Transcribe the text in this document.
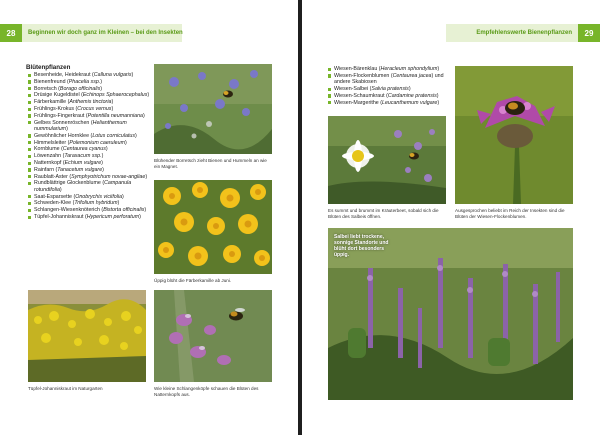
28	Beginnen wir doch ganz im Kleinen – bei den Insekten
Blütenpflanzen
Besenheide, Heidekraut (Calluna vulgaris)
Bienenfreund (Phacelia ssp.)
Borretsch (Borago officinalis)
Drüsige Kugeldistel (Echinops Sphaerocephalus)
Färberkamille (Anthemis tinctoria)
Frühlings-Krokus (Crocus vernus)
Frühlings-Fingerkraut (Potentilla neumanniana)
Gelbes Sonnenröschen (Helianthemum nummularium)
Gewöhnlicher Hornklee (Lotus corniculatus)
Himmelsleiter (Polemonium caeruleum)
Kornblume (Centaurea cyanus)
Löwenzahn (Taraxacum ssp.)
Natternkopf (Echium vulgare)
Rainfarn (Tanacetum vulgare)
Raublatt-Aster (Symphyotrichum novae-angliae)
Rundblättrige Glockenblume (Campanula rotundifolia)
Saat-Esparsette (Onobrychis viciifolia)
Schweden-Klee (Trifolium hybridum)
Schlangen-Wiesenknöterich (Bistorta officinalis)
Tüpfel-Johanniskraut (Hypericum perforatum)
Blühender Borretsch zieht Bienen und Hummeln an wie ein Magnet.
Üppig blüht die Färberkamille ab Juni.
Tüpfel-Johanniskraut im Naturgarten	Wie kleine Schlangenköpfe schauen die Blüten des Natternkopfs aus.
Empfehlenswerte Bienenpflanzen	29
Wiesen-Bärenklau (Heracleum sphondylium)
Wiesen-Flockenblumen (Centaurea jacea) und andere Skabiosen
Wiesen-Salbei (Salvia pratensis)
Wiesen-Schaumkraut (Cardamine pratensis)
Wiesen-Margerithe (Leucanthemum vulgare)
Es summt und brummt im Kräuterbeet, sobald sich die Blüten des Salbeis öffnen.
Ausgesprochen beliebt im Reich der Insekten sind die Blüten der Wiesen-Flockenblumen.
Salbei liebt trockene, sonnige Standorte und blüht dort besonders üppig.
